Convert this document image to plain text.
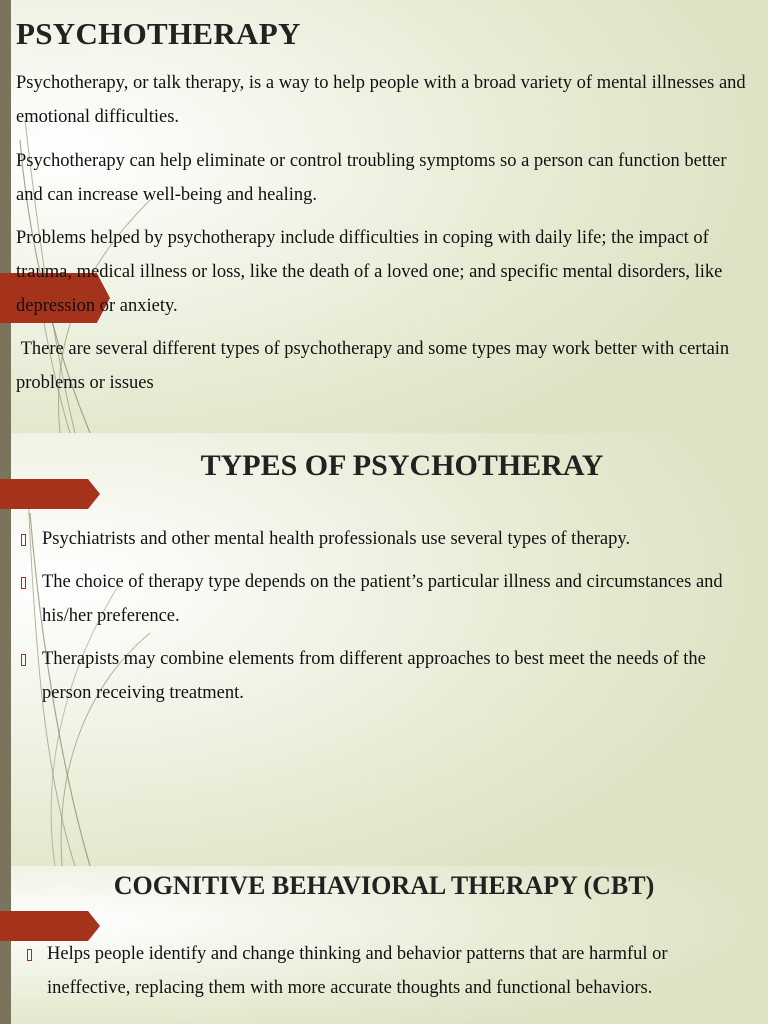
PSYCHOTHERAPY

Psychotherapy, or talk therapy, is a way to help people with a broad variety of mental illnesses and emotional difficulties.

Psychotherapy can help eliminate or control troubling symptoms so a person can function better and can increase well-being and healing.

Problems helped by psychotherapy include difficulties in coping with daily life; the impact of trauma, medical illness or loss, like the death of a loved one; and specific mental disorders, like depression or anxiety.

There are several different types of psychotherapy and some types may work better with certain problems or issues

TYPES OF PSYCHOTHERAY
Psychiatrists and other mental health professionals use several types of therapy.
The choice of therapy type depends on the patient’s particular illness and circumstances and his/her preference.
Therapists may combine elements from different approaches to best meet the needs of the person receiving treatment.
COGNITIVE BEHAVIORAL THERAPY (CBT)
Helps people identify and change thinking and behavior patterns that are harmful or ineffective, replacing them with more accurate thoughts and functional behaviors.
